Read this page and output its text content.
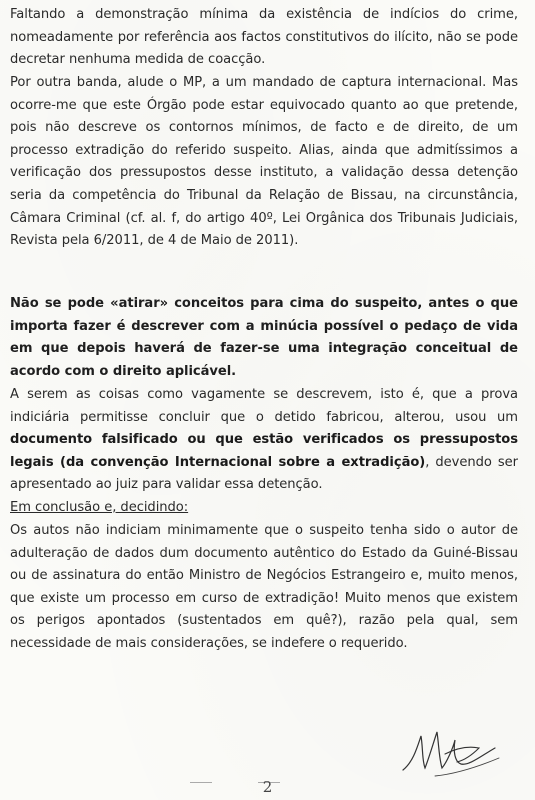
Faltando a demonstração mínima da existência de indícios do crime, nomeadamente por referência aos factos constitutivos do ilícito, não se pode decretar nenhuma medida de coacção.

Por outra banda, alude o MP, a um mandado de captura internacional. Mas ocorre-me que este Órgão pode estar equivocado quanto ao que pretende, pois não descreve os contornos mínimos, de facto e de direito, de um processo extradição do referido suspeito. Alias, ainda que admitíssimos a verificação dos pressupostos desse instituto, a validação dessa detenção seria da competência do Tribunal da Relação de Bissau, na circunstância, Câmara Criminal (cf. al. f, do artigo 40º, Lei Orgânica dos Tribunais Judiciais, Revista pela 6/2011, de 4 de Maio de 2011).

Não se pode «atirar» conceitos para cima do suspeito, antes o que importa fazer é descrever com a minúcia possível o pedaço de vida em que depois haverá de fazer-se uma integração conceitual de acordo com o direito aplicável.

A serem as coisas como vagamente se descrevem, isto é, que a prova indiciária permitisse concluir que o detido fabricou, alterou, usou um documento falsificado ou que estão verificados os pressupostos legais (da convenção Internacional sobre a extradição), devendo ser apresentado ao juiz para validar essa detenção.

Em conclusão e, decidindo:

Os autos não indiciam minimamente que o suspeito tenha sido o autor de adulteração de dados dum documento autêntico do Estado da Guiné-Bissau ou de assinatura do então Ministro de Negócios Estrangeiro e, muito menos, que existe um processo em curso de extradição! Muito menos que existem os perigos apontados (sustentados em quê?), razão pela qual, sem necessidade de mais considerações, se indefere o requerido.

2
